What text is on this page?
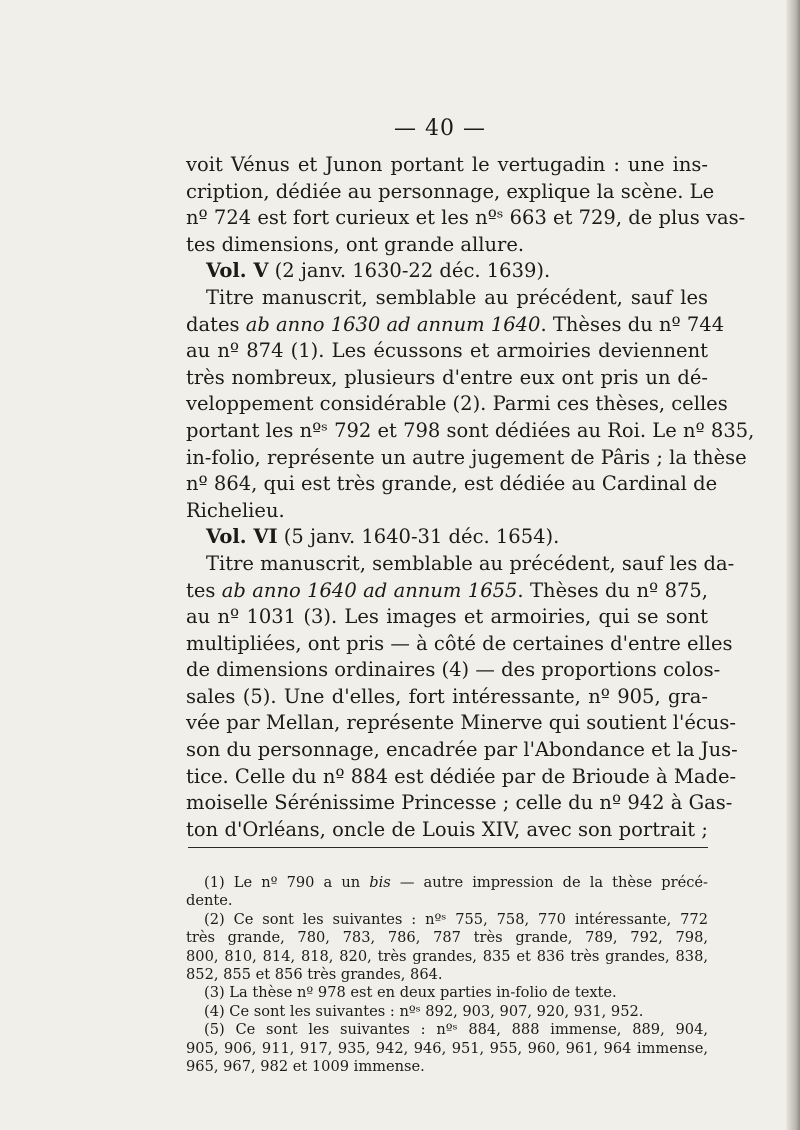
— 40 —
voit Vénus et Junon portant le vertugadin : une ins-
cription, dédiée au personnage, explique la scène. Le
nº 724 est fort curieux et les nºˢ 663 et 729, de plus vas-
tes dimensions, ont grande allure.
Vol. V (2 janv. 1630-22 déc. 1639).
Titre manuscrit, semblable au précédent, sauf les
dates ab anno 1630 ad annum 1640. Thèses du nº 744
au nº 874 (1). Les écussons et armoiries deviennent
très nombreux, plusieurs d'entre eux ont pris un dé-
veloppement considérable (2). Parmi ces thèses, celles
portant les nºˢ 792 et 798 sont dédiées au Roi. Le nº 835,
in-folio, représente un autre jugement de Pâris ; la thèse
nº 864, qui est très grande, est dédiée au Cardinal de
Richelieu.
Vol. VI (5 janv. 1640-31 déc. 1654).
Titre manuscrit, semblable au précédent, sauf les da-
tes ab anno 1640 ad annum 1655. Thèses du nº 875,
au nº 1031 (3). Les images et armoiries, qui se sont
multipliées, ont pris — à côté de certaines d'entre elles
de dimensions ordinaires (4) — des proportions colos-
sales (5). Une d'elles, fort intéressante, nº 905, gra-
vée par Mellan, représente Minerve qui soutient l'écus-
son du personnage, encadrée par l'Abondance et la Jus-
tice. Celle du nº 884 est dédiée par de Brioude à Made-
moiselle Sérénissime Princesse ; celle du nº 942 à Gas-
ton d'Orléans, oncle de Louis XIV, avec son portrait ;
(1) Le nº 790 a un bis — autre impression de la thèse précé-
dente.
(2) Ce sont les suivantes : nºˢ 755, 758, 770 intéressante, 772
très grande, 780, 783, 786, 787 très grande, 789, 792, 798,
800, 810, 814, 818, 820, très grandes, 835 et 836 très grandes, 838,
852, 855 et 856 très grandes, 864.
(3) La thèse nº 978 est en deux parties in-folio de texte.
(4) Ce sont les suivantes : nºˢ 892, 903, 907, 920, 931, 952.
(5) Ce sont les suivantes : nºˢ 884, 888 immense, 889, 904,
905, 906, 911, 917, 935, 942, 946, 951, 955, 960, 961, 964 immense,
965, 967, 982 et 1009 immense.
